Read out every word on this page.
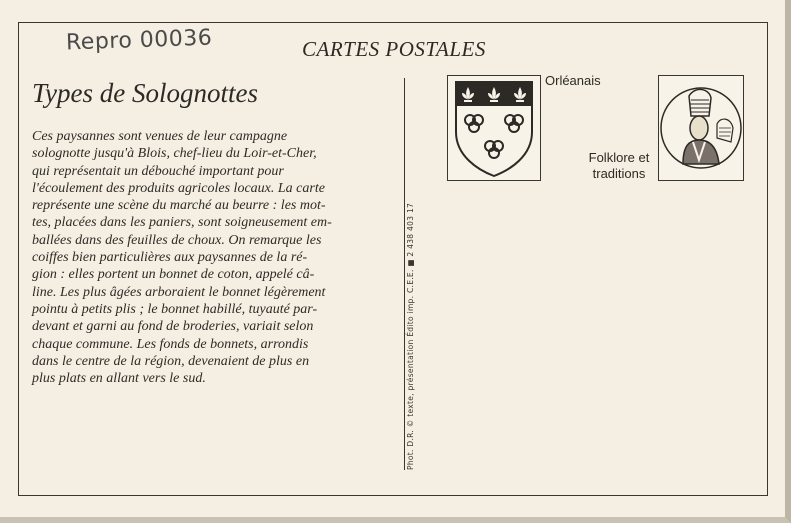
Repro 00036	CARTES POSTALES
Types de Solognottes
Ces paysannes sont venues de leur campagne
solognotte jusqu'à Blois, chef-lieu du Loir-et-Cher,
qui représentait un débouché important pour
l'écoulement des produits agricoles locaux. La carte
représente une scène du marché au beurre : les mot-
tes, placées dans les paniers, sont soigneusement em-
ballées dans des feuilles de choux. On remarque les
coiffes bien particulières aux paysannes de la ré-
gion : elles portent un bonnet de coton, appelé câ-
line. Les plus âgées arboraient le bonnet légèrement
pointu à petits plis ; le bonnet habillé, tuyauté par-
devant et garni au fond de broderies, variait selon
chaque commune. Les fonds de bonnets, arrondis
dans le centre de la région, devenaient de plus en
plus plats en allant vers le sud.	Phot. D.R. © texte, présentation Édito imp. C.E.E. ■ 2 438 403 17
Orléanais
Folklore et
traditions
